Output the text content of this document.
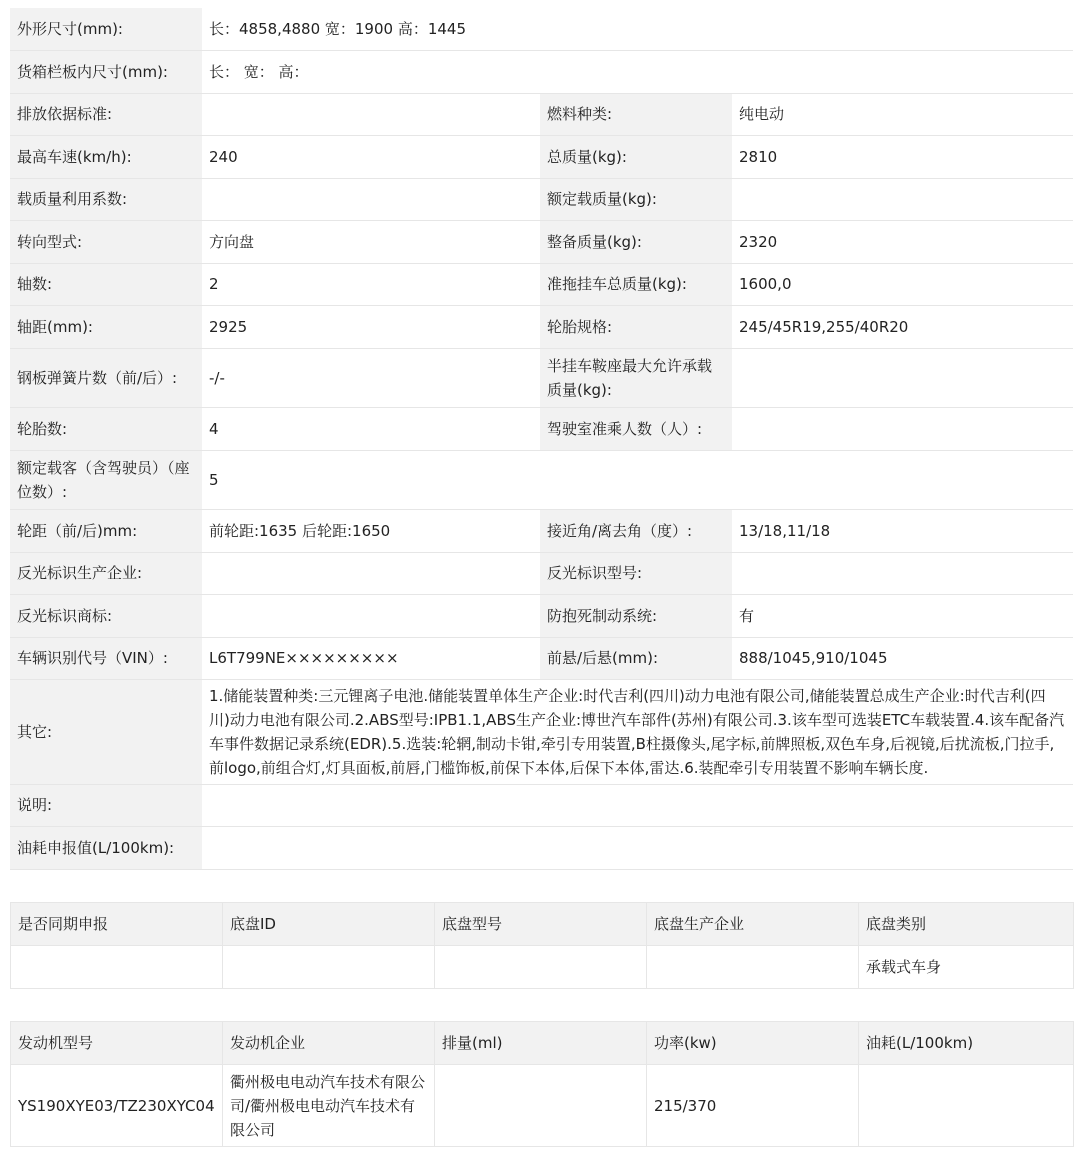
外形尺寸(mm):	长：4858,4880 宽：1900 高：1445		
货箱栏板内尺寸(mm):	长： 宽： 高：		
排放依据标准:		燃料种类:	纯电动
最高车速(km/h):	240	总质量(kg):	2810
载质量利用系数:		额定载质量(kg):	
转向型式:	方向盘	整备质量(kg):	2320
轴数:	2	准拖挂车总质量(kg):	1600,0
轴距(mm):	2925	轮胎规格:	245/45R19,255/40R20
钢板弹簧片数（前/后）:	-/-	半挂车鞍座最大允许承载质量(kg):	
轮胎数:	4	驾驶室准乘人数（人）:	
额定载客（含驾驶员）（座位数）:	5		
轮距（前/后)mm:	前轮距:1635 后轮距:1650	接近角/离去角（度）:	13/18,11/18
反光标识生产企业:		反光标识型号:	
反光标识商标:		防抱死制动系统:	有
车辆识别代号（VIN）:	L6T799NE×××××××××	前悬/后悬(mm):	888/1045,910/1045
其它:	1.储能装置种类:三元锂离子电池.储能装置单体生产企业:时代吉利(四川)动力电池有限公司,储能装置总成生产企业:时代吉利(四川)动力电池有限公司.2.ABS型号:IPB1.1,ABS生产企业:博世汽车部件(苏州)有限公司.3.该车型可选装ETC车载装置.4.该车配备汽车事件数据记录系统(EDR).5.选装:轮辋,制动卡钳,牵引专用装置,B柱摄像头,尾字标,前牌照板,双色车身,后视镜,后扰流板,门拉手,前logo,前组合灯,灯具面板,前唇,门槛饰板,前保下本体,后保下本体,雷达.6.装配牵引专用装置不影响车辆长度.		
说明:			
油耗申报值(L/100km):			
是否同期申报	底盘ID	底盘型号	底盘生产企业	底盘类别
				承载式车身
发动机型号	发动机企业	排量(ml)	功率(kw)	油耗(L/100km)
YS190XYE03/TZ230XYC04	衢州极电电动汽车技术有限公司/衢州极电电动汽车技术有限公司		215/370	
